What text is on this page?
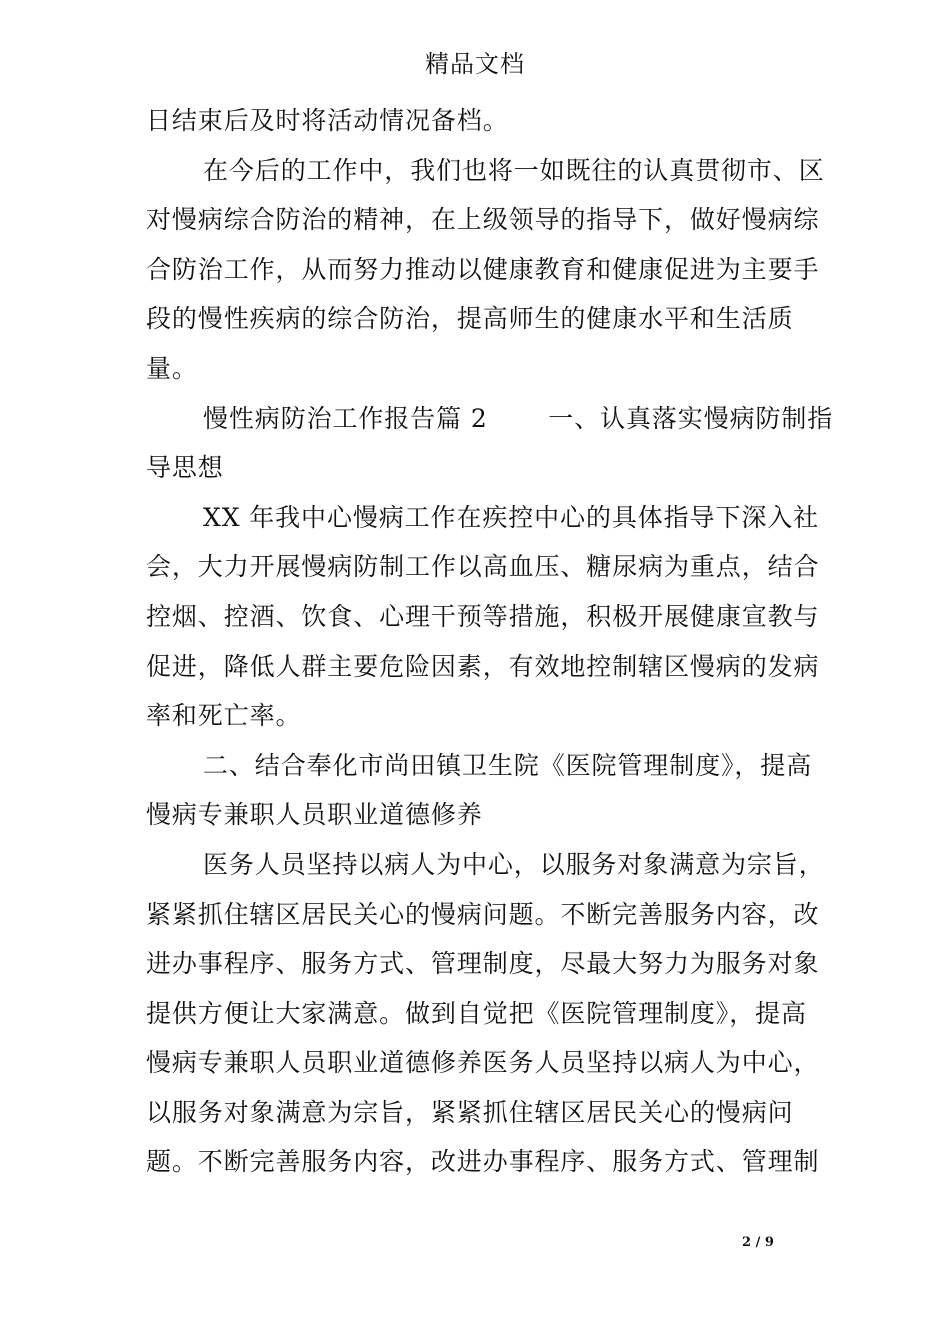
精品文档
日结束后及时将活动情况备档。
在今后的工作中，我们也将一如既往的认真贯彻市、区
对慢病综合防治的精神，在上级领导的指导下，做好慢病综
合防治工作，从而努力推动以健康教育和健康促进为主要手
段的慢性疾病的综合防治，提高师生的健康水平和生活质
量。
慢性病防治工作报告篇 2　　 一、认真落实慢病防制指
导思想
XX 年我中心慢病工作在疾控中心的具体指导下深入社
会，大力开展慢病防制工作以高血压、糖尿病为重点，结合
控烟、控酒、饮食、心理干预等措施，积极开展健康宣教与
促进，降低人群主要危险因素，有效地控制辖区慢病的发病
率和死亡率。
二、结合奉化市尚田镇卫生院《医院管理制度》，提高
慢病专兼职人员职业道德修养
医务人员坚持以病人为中心，以服务对象满意为宗旨，
紧紧抓住辖区居民关心的慢病问题。不断完善服务内容，改
进办事程序、服务方式、管理制度，尽最大努力为服务对象
提供方便让大家满意。做到自觉把《医院管理制度》，提高
慢病专兼职人员职业道德修养医务人员坚持以病人为中心，
以服务对象满意为宗旨，紧紧抓住辖区居民关心的慢病问
题。不断完善服务内容，改进办事程序、服务方式、管理制
2 / 9
